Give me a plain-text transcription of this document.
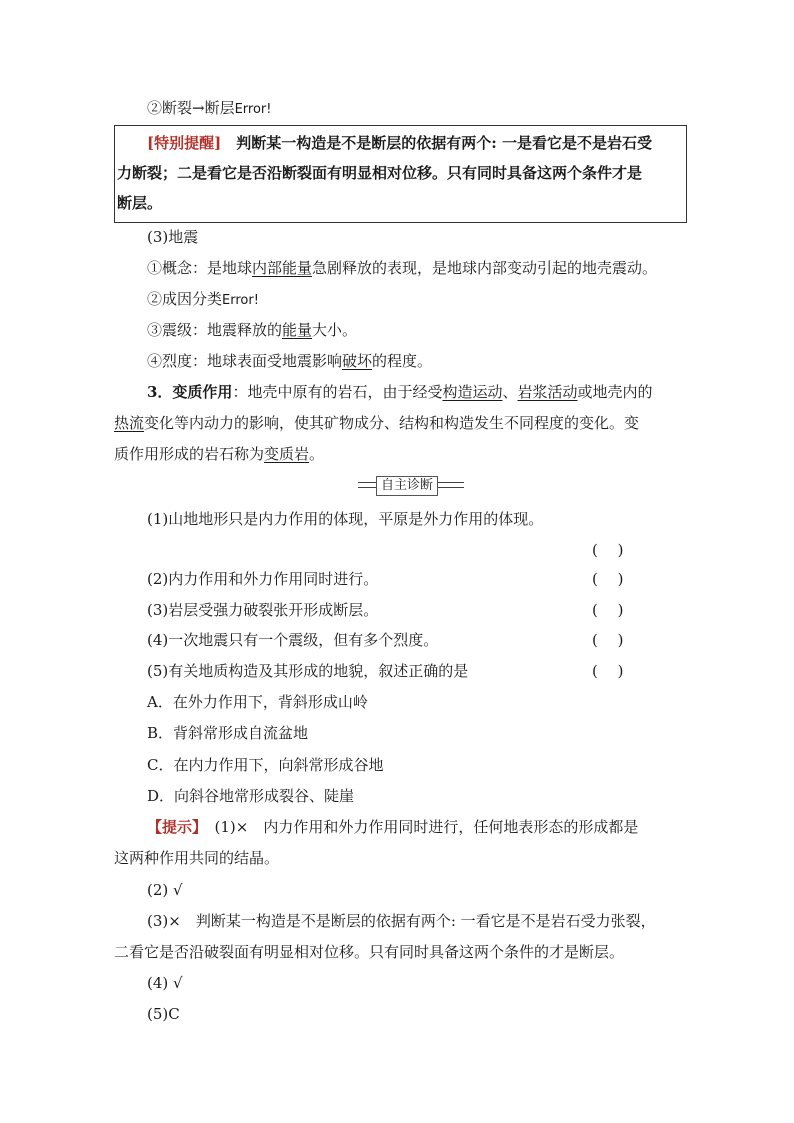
②断裂→断层Error!
[特别提醒]　 判断某一构造是不是断层的依据有两个: 一是看它是不是岩石受
力断裂；二是看它是否沿断裂面有明显相对位移。只有同时具备这两个条件才是
断层。
(3)地震
①概念：是地球内部能量急剧释放的表现，是地球内部变动引起的地壳震动。
②成因分类Error!
③震级：地震释放的能量大小。
④烈度：地球表面受地震影响破坏的程度。
3．变质作用：地壳中原有的岩石，由于经受构造运动、岩浆活动或地壳内的
热流变化等内动力的影响，使其矿物成分、结构和构造发生不同程度的变化。变
质作用形成的岩石称为变质岩。
自主诊断
(1)山地地形只是内力作用的体现，平原是外力作用的体现。
(　 )
(2)内力作用和外力作用同时进行。	(　 )
(3)岩层受强力破裂张开形成断层。	(　 )
(4)一次地震只有一个震级，但有多个烈度。	(　 )
(5)有关地质构造及其形成的地貌，叙述正确的是	(　 )
A．在外力作用下，背斜形成山岭
B．背斜常形成自流盆地
C．在内力作用下，向斜常形成谷地
D．向斜谷地常形成裂谷、陡崖
【提示】　 (1)×　内力作用和外力作用同时进行，任何地表形态的形成都是
这两种作用共同的结晶。
(2) √
(3)×　判断某一构造是不是断层的依据有两个: 一看它是不是岩石受力张裂，
二看它是否沿破裂面有明显相对位移。只有同时具备这两个条件的才是断层。
(4) √
(5)C
